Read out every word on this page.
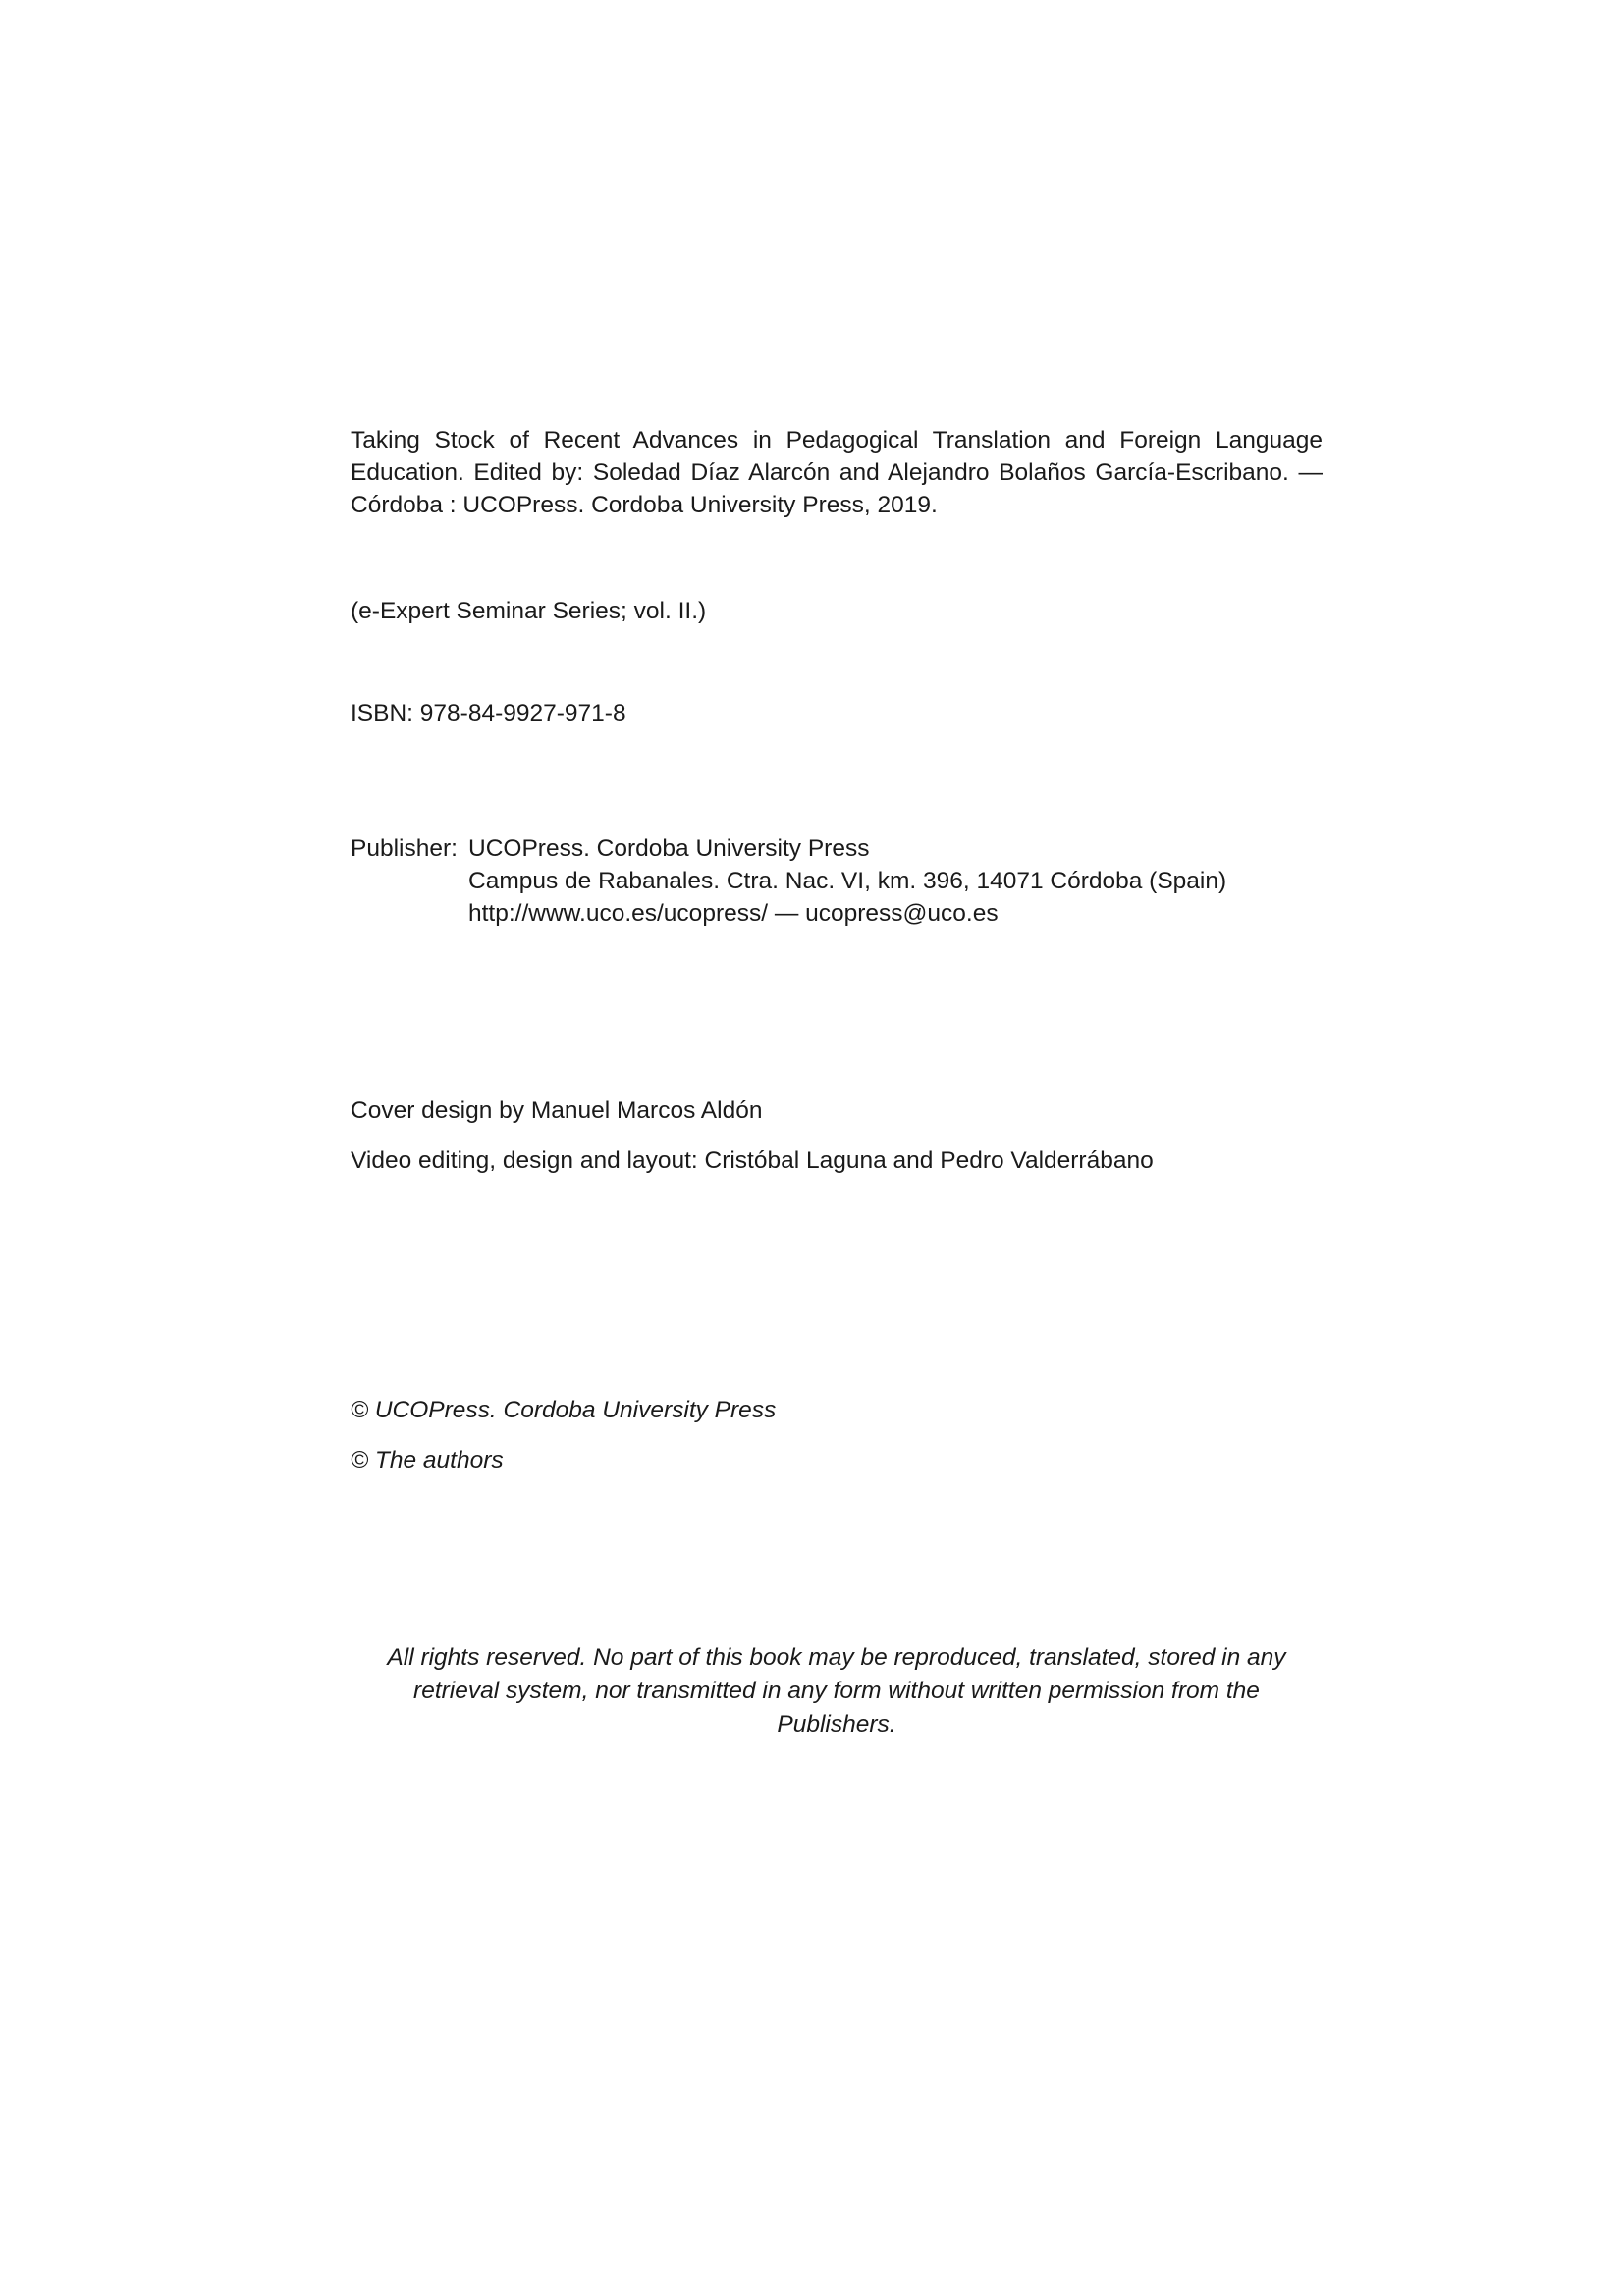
Taking Stock of Recent Advances in Pedagogical Translation and Foreign Language
Education. Edited by: Soledad Díaz Alarcón and Alejandro Bolaños García-Escribano. —
Córdoba : UCOPress. Cordoba University Press, 2019.
(e-Expert Seminar Series; vol. II.)
ISBN: 978-84-9927-971-8
Publisher: UCOPress. Cordoba University Press
Campus de Rabanales. Ctra. Nac. VI, km. 396, 14071 Córdoba (Spain)
http://www.uco.es/ucopress/ — ucopress@uco.es
Cover design by Manuel Marcos Aldón
Video editing, design and layout: Cristóbal Laguna and Pedro Valderrábano
© UCOPress. Cordoba University Press
© The authors
All rights reserved. No part of this book may be reproduced, translated, stored in any
retrieval system, nor transmitted in any form without written permission from the
Publishers.
